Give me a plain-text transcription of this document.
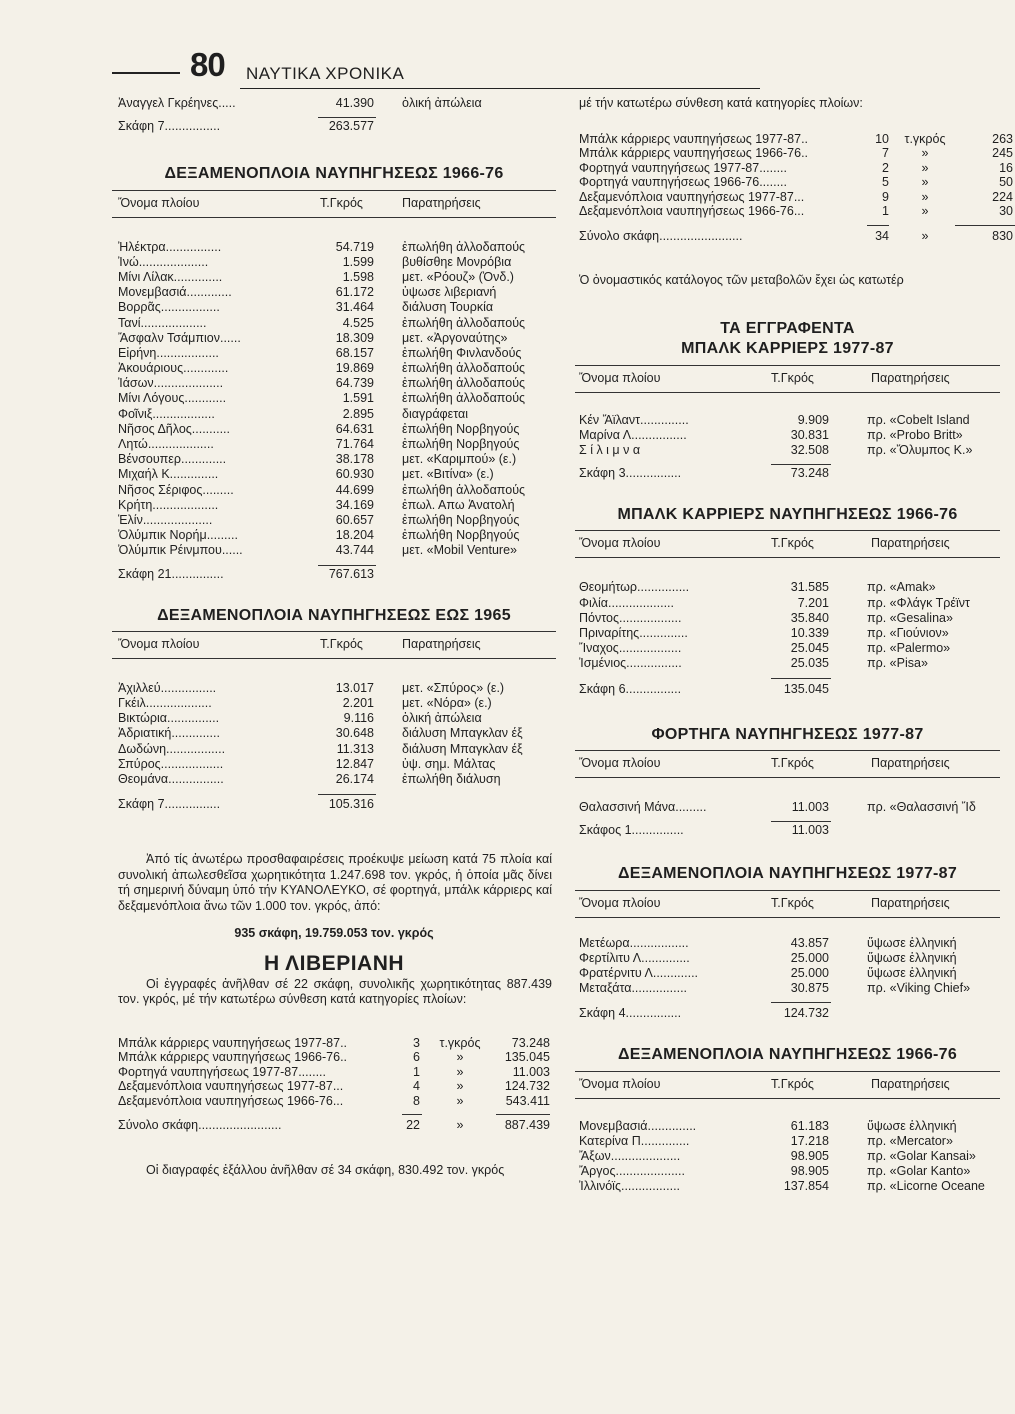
80 ΝΑΥΤΙΚΑ ΧΡΟΝΙΚΑ
Ἀναγγελ Γκρέηνες.....	41.390 ὁλική ἀπώλεια
Σκάφη 7................	263.577
ΔΕΞΑΜΕΝΟΠΛΟΙΑ ΝΑΥΠΗΓΗΣΕΩΣ 1966-76
Ὄνομα πλοίου	Τ.Γκρός	Παρατηρήσεις
Ἠλέκτρα................	54.719 ἐπωλήθη ἀλλοδαπούς
Ἰνώ....................	1.599 βυθίσθηε Μονρόβια
Μίνι Λίλακ..............	1.598 μετ. «Ρόουζ» (Ὀνδ.)
Μονεμβασιά.............	61.172 ὑψωσε λιβεριανή
Βορρᾶς.................	31.464 διάλυση Τουρκία
Τανί...................	4.525 ἐπωλήθη ἀλλοδαπούς
Ἄσφαλν Τσάμπιον......	18.309 μετ. «Ἀργοναύτης»
Εἰρήνη..................	68.157 ἐπωλήθη Φινλανδούς
Ἀκουάριους.............	19.869 ἐπωλήθη ἀλλοδαπούς
Ἰάσων....................	64.739 ἐπωλήθη ἀλλοδαπούς
Μίνι Λόγους............	1.591 ἐπωλήθη ἀλλοδαπούς
Φοῖνιξ..................	2.895 διαγράφεται
Νῆσος Δῆλος...........	64.631 ἐπωλήθη Νορβηγούς
Λητώ...................	71.764 ἐπωλήθη Νορβηγούς
Βένσουπερ.............	38.178 μετ. «Καριμπού» (ε.)
Μιχαήλ Κ..............	60.930 μετ. «Βιτίνα» (ε.)
Νῆσος Σέριφος.........	44.699 ἐπωλήθη ἀλλοδαπούς
Κρήτη...................	34.169 ἐπωλ. Απω Ἀνατολή
Ἑλίν....................	60.657 ἐπωλήθη Νορβηγούς
Ὀλύμπικ Νορήμ.........	18.204 ἐπωλήθη Νορβηγούς
Ὀλύμπικ Ρέινμπου......	43.744 μετ. «Mobil Venture»
Σκάφη 21...............	767.613
ΔΕΞΑΜΕΝΟΠΛΟΙΑ ΝΑΥΠΗΓΗΣΕΩΣ ΕΩΣ 1965
Ὄνομα πλοίου	Τ.Γκρός	Παρατηρήσεις
Ἀχιλλεύ................	13.017 μετ. «Σπύρος» (ε.)
Γκέιλ...................	2.201 μετ. «Νόρα» (ε.)
Βικτώρια...............	9.116 ὁλική ἀπώλεια
Ἀδριατική..............	30.648 διάλυση Μπαγκλαν έξ
Δωδώνη.................	11.313 διάλυση Μπαγκλαν έξ
Σπύρος..................	12.847 ὑψ. σημ. Μάλτας
Θεομάνα................	26.174 ἐπωλήθη διάλυση
Σκάφη 7................	105.316
Ἀπό τίς ἀνωτέρω προσθαφαιρέσεις προέκυψε μείωση κατά 75 πλοία καί συνολική ἀπωλεσθεῖσα χωρητικότητα 1.247.698 τον. γκρός, ἡ ὁποία μᾶς δίνει τή σημερινή δύναμη ὑπό τήν ΚΥΑΝΟΛΕΥΚΟ, σέ φορτηγά, μπάλκ κάρριερς καί δεξαμενόπλοια ἄνω τῶν 1.000 τον. γκρός, ἀπό:
935 σκάφη, 19.759.053 τον. γκρός
Η ΛΙΒΕΡΙΑΝΗ
Οἱ ἐγγραφές ἀνῆλθαν σέ 22 σκάφη, συνολικῆς χωρητικότητας 887.439 τον. γκρός, μέ τήν κατωτέρω σύνθεση κατά κατηγορίες πλοίων:
Μπάλκ κάρριερς ναυπηγήσεως 1977-87..	3	τ.γκρός	73.248
Μπάλκ κάρριερς ναυπηγήσεως 1966-76..	6	»	135.045
Φορτηγά ναυπηγήσεως 1977-87........	1	»	11.003
Δεξαμενόπλοια ναυπηγήσεως 1977-87...	4	»	124.732
Δεξαμενόπλοια ναυπηγήσεως 1966-76...	8	»	543.411
Σύνολο σκάφη........................	22	»	887.439
Οἱ διαγραφές ἐξάλλου ἀνῆλθαν σέ 34 σκάφη, 830.492 τον. γκρός
μέ τήν κατωτέρω σύνθεση κατά κατηγορίες πλοίων:
Μπάλκ κάρριερς ναυπηγήσεως 1977-87..	10	τ.γκρός	263
Μπάλκ κάρριερς ναυπηγήσεως 1966-76..	7	»	245
Φορτηγά ναυπηγήσεως 1977-87........	2	»	16
Φορτηγά ναυπηγήσεως 1966-76........	5	»	50
Δεξαμενόπλοια ναυπηγήσεως 1977-87...	9	»	224
Δεξαμενόπλοια ναυπηγήσεως 1966-76...	1	»	30
Σύνολο σκάφη........................	34	»	830
Ὁ ὀνομαστικός κατάλογος τῶν μεταβολῶν ἔχει ὡς κατωτέρ
ΤΑ ΕΓΓΡΑΦΕΝΤΑ
ΜΠΑΛΚ ΚΑΡΡΙΕΡΣ 1977-87
Ὄνομα πλοίου	Τ.Γκρός	Παρατηρήσεις
Κέν Ἄϊλαντ..............	9.909	πρ. «Cobelt Island
Μαρίνα Λ................	30.831	πρ. «Probo Britt»
Σ ί λ ι μ ν α	32.508	πρ. «Ὄλυμπος Κ.»
Σκάφη 3................	73.248
ΜΠΑΛΚ ΚΑΡΡΙΕΡΣ ΝΑΥΠΗΓΗΣΕΩΣ 1966-76
Ὄνομα πλοίου	Τ.Γκρός	Παρατηρήσεις
Θεομήτωρ...............	31.585	πρ. «Amak»
Φιλία...................	7.201	πρ. «Φλάγκ Τρέϊντ
Πόντος..................	35.840	πρ. «Gesalina»
Πριναρίτης..............	10.339	πρ. «Γιούνιον»
Ἴναχος..................	25.045	πρ. «Palermo»
Ἰσμένιος................	25.035	πρ. «Pisa»
Σκάφη 6................	135.045
ΦΟΡΤΗΓΑ ΝΑΥΠΗΓΗΣΕΩΣ 1977-87
Ὄνομα πλοίου	Τ.Γκρός	Παρατηρήσεις
Θαλασσινή Μάνα.........	11.003	πρ. «Θαλασσινή Ἴδ
Σκάφος 1...............	11.003
ΔΕΞΑΜΕΝΟΠΛΟΙΑ ΝΑΥΠΗΓΗΣΕΩΣ 1977-87
Ὄνομα πλοίου	Τ.Γκρός	Παρατηρήσεις
Μετέωρα.................	43.857	ὕψωσε ἑλληνική
Φερτίλιτυ Λ..............	25.000	ὕψωσε ἑλληνική
Φρατέρνιτυ Λ.............	25.000	ὕψωσε ἑλληνική
Μεταξάτα................	30.875	πρ. «Viking Chief»
Σκάφη 4................	124.732
ΔΕΞΑΜΕΝΟΠΛΟΙΑ ΝΑΥΠΗΓΗΣΕΩΣ 1966-76
Ὄνομα πλοίου	Τ.Γκρός	Παρατηρήσεις
Μονεμβασιά..............	61.183	ὕψωσε ἑλληνική
Κατερίνα Π..............	17.218	πρ. «Mercator»
Ἄξων....................	98.905	πρ. «Golar Kansai»
Ἄργος....................	98.905	πρ. «Golar Kanto»
Ἰλλινόϊς.................	137.854	πρ. «Licorne Oceane
